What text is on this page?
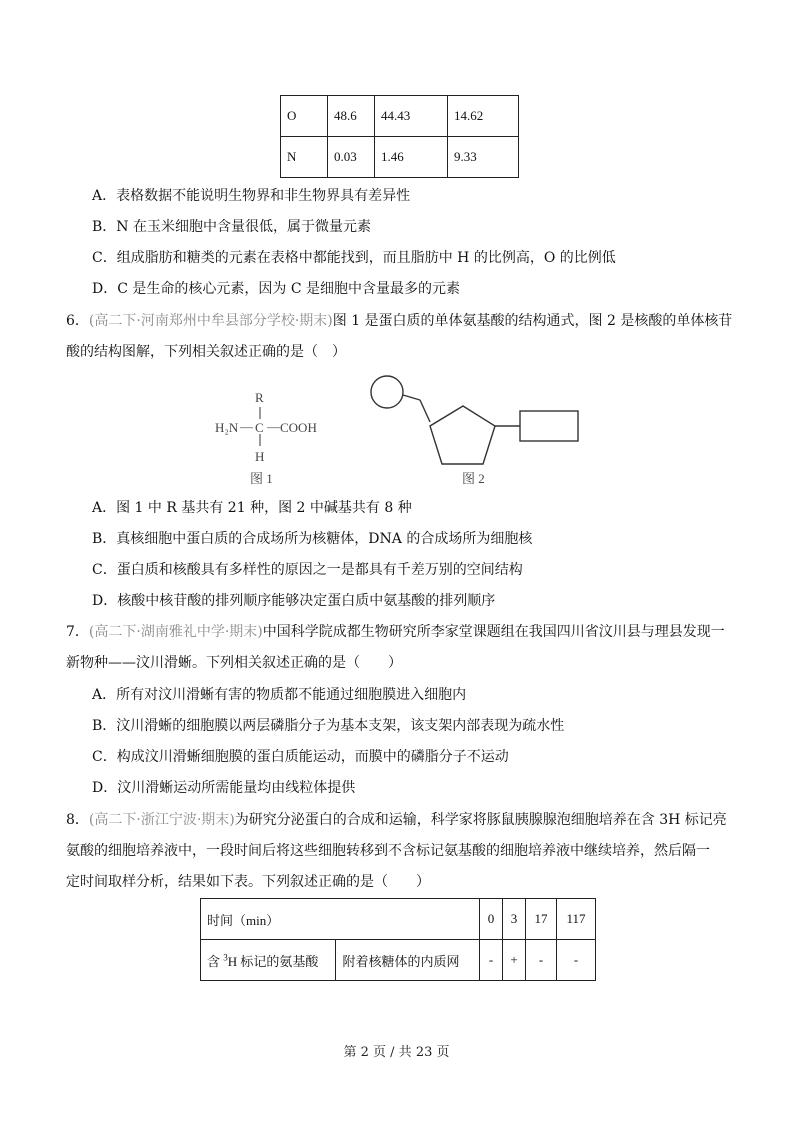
O	48.6	44.43	14.62
N	0.03	1.46	9.33
A．表格数据不能说明生物界和非生物界具有差异性
B．N 在玉米细胞中含量很低，属于微量元素
C．组成脂肪和糖类的元素在表格中都能找到，而且脂肪中 H 的比例高，O 的比例低
D．C 是生命的核心元素，因为 C 是细胞中含量最多的元素
6．(高二下·河南郑州中牟县部分学校·期末)图 1 是蛋白质的单体氨基酸的结构通式，图 2 是核酸的单体核苷
酸的结构图解，下列相关叙述正确的是（　）
R
H₂N — C — COOH
H
图 1	图 2
A．图 1 中 R 基共有 21 种，图 2 中碱基共有 8 种
B．真核细胞中蛋白质的合成场所为核糖体，DNA 的合成场所为细胞核
C．蛋白质和核酸具有多样性的原因之一是都具有千差万别的空间结构
D．核酸中核苷酸的排列顺序能够决定蛋白质中氨基酸的排列顺序
7．(高二下·湖南雅礼中学·期末)中国科学院成都生物研究所李家堂课题组在我国四川省汶川县与理县发现一
新物种——汶川滑蜥。下列相关叙述正确的是（　　）
A．所有对汶川滑蜥有害的物质都不能通过细胞膜进入细胞内
B．汶川滑蜥的细胞膜以两层磷脂分子为基本支架，该支架内部表现为疏水性
C．构成汶川滑蜥细胞膜的蛋白质能运动，而膜中的磷脂分子不运动
D．汶川滑蜥运动所需能量均由线粒体提供
8．(高二下·浙江宁波·期末)为研究分泌蛋白的合成和运输，科学家将豚鼠胰腺腺泡细胞培养在含 3H 标记亮
氨酸的细胞培养液中，一段时间后将这些细胞转移到不含标记氨基酸的细胞培养液中继续培养，然后隔一
定时间取样分析，结果如下表。下列叙述正确的是（　　）
时间（min）		0	3	17	117
含 $^3$H 标记的氨基酸	附着核糖体的内质网	-	+	-	-
第 2 页 / 共 23 页
